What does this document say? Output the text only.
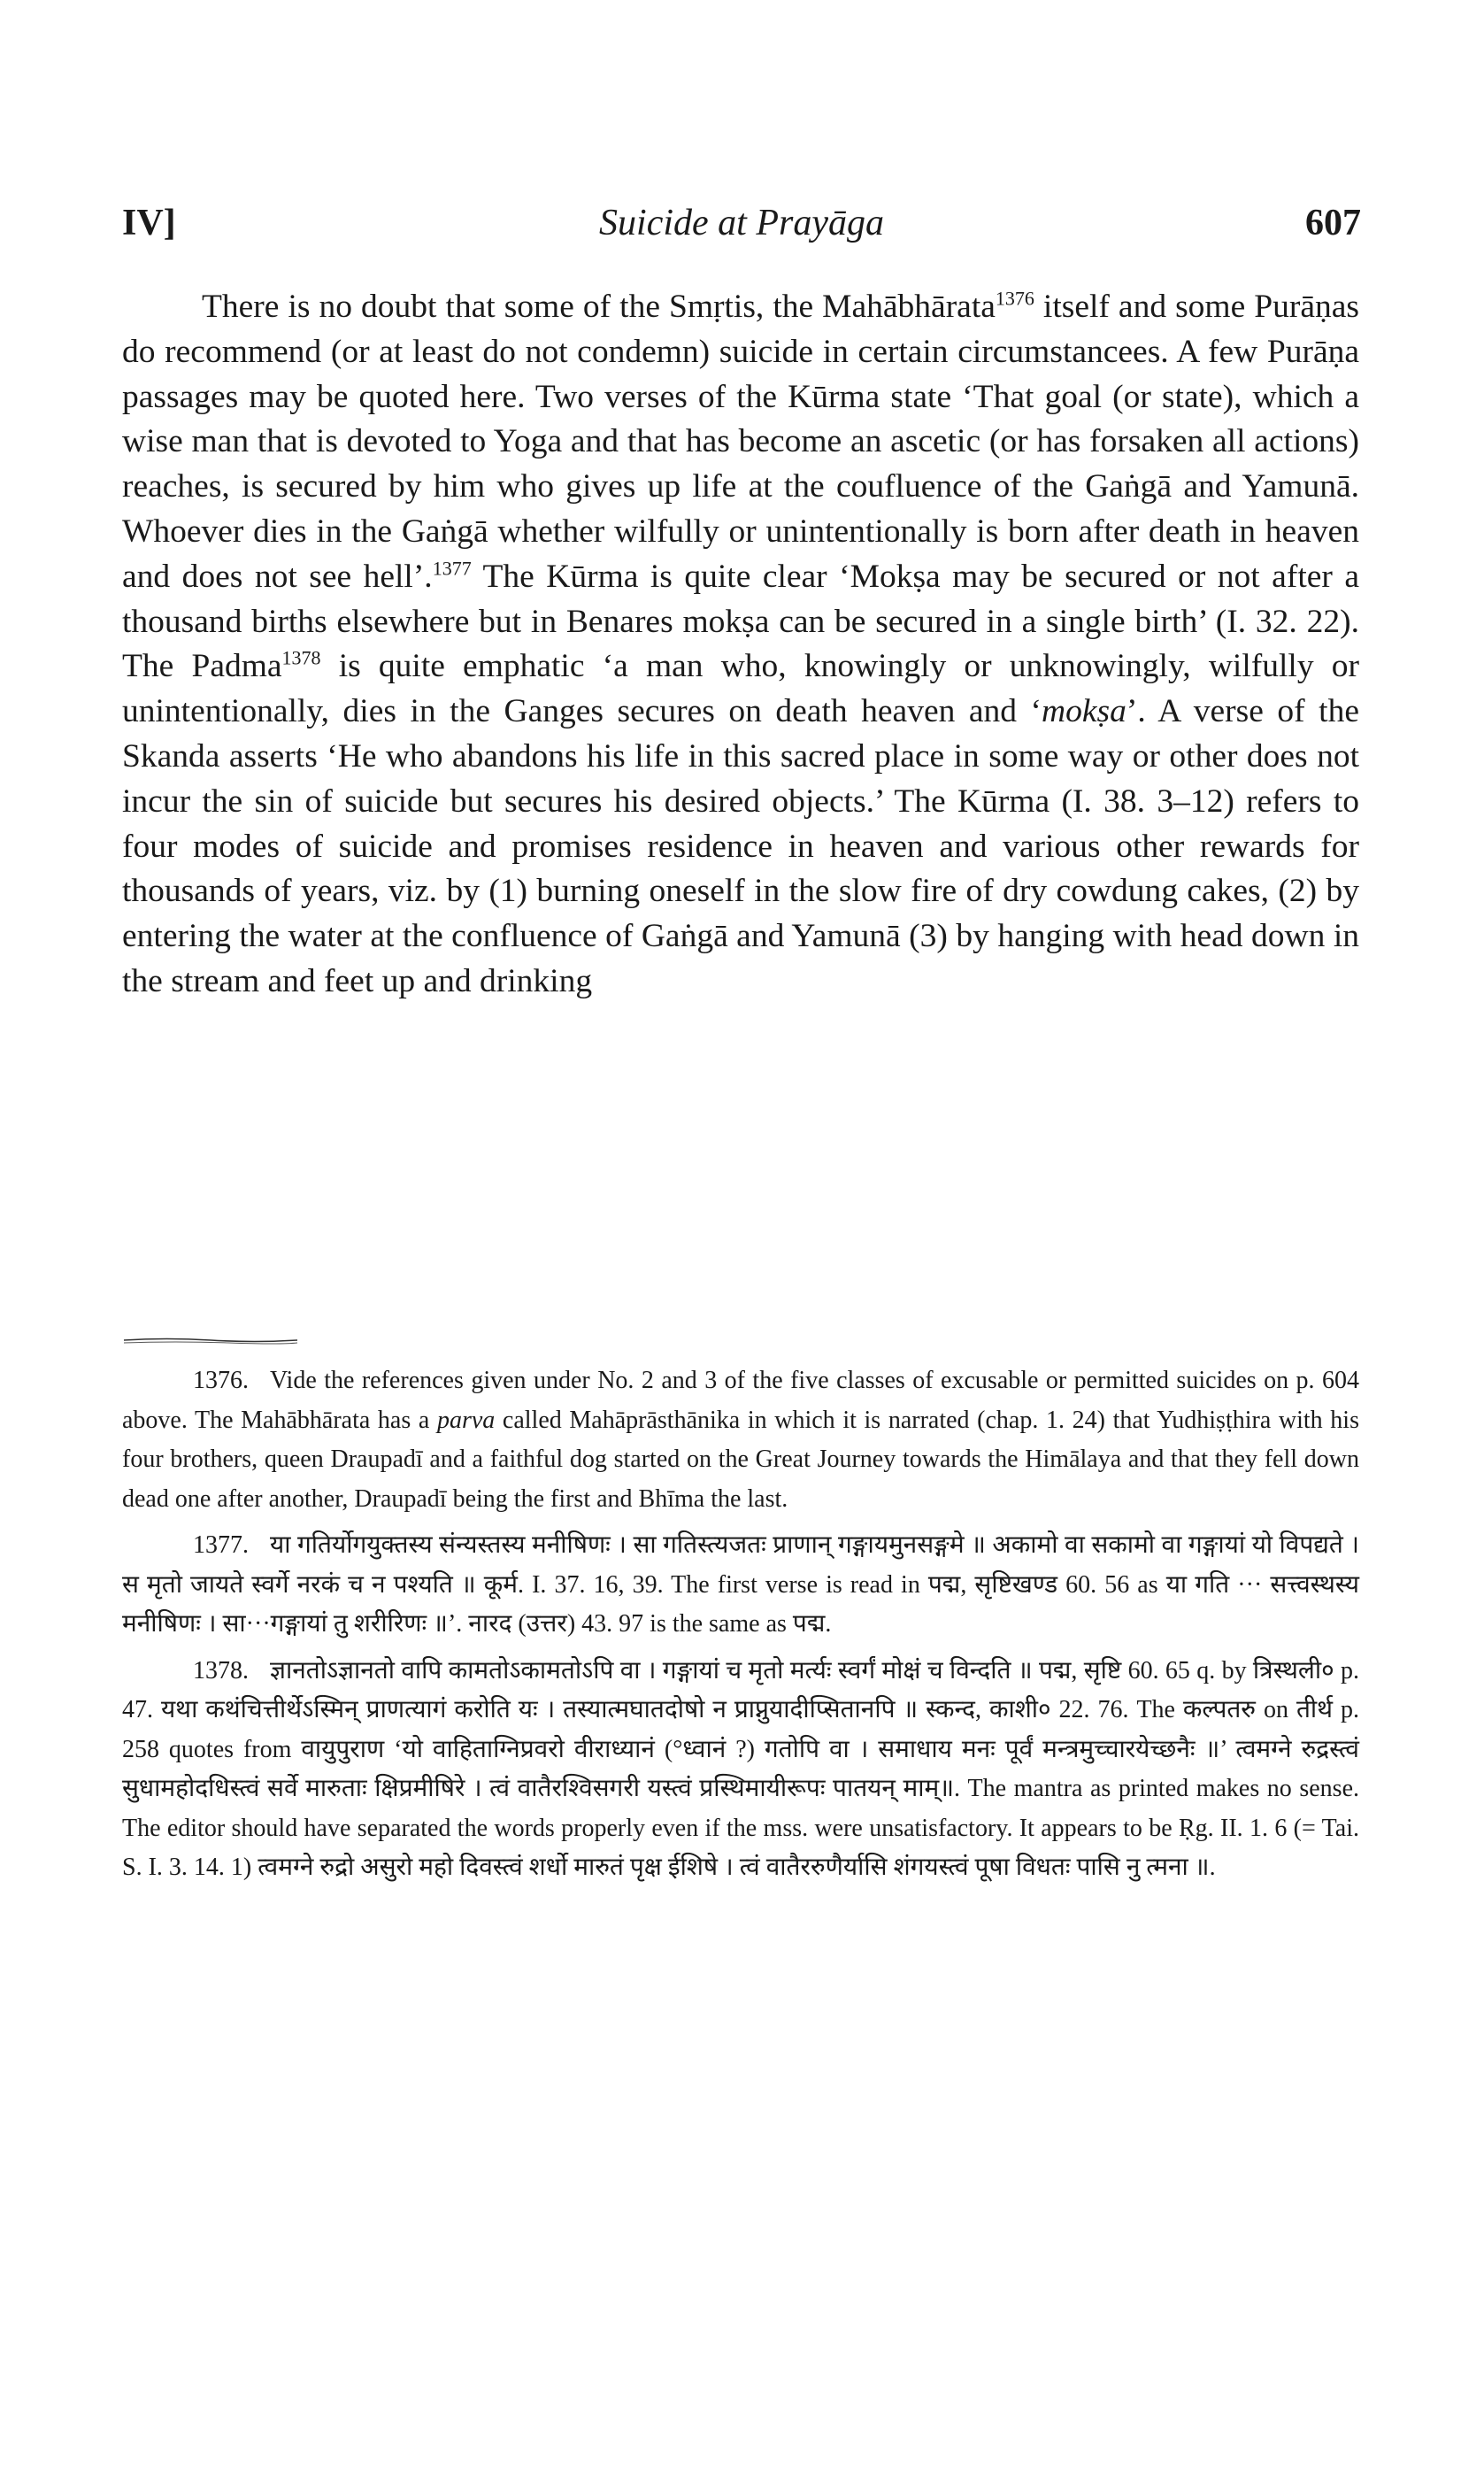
IV]	Suicide at Prayāga	607

There is no doubt that some of the Smṛtis, the Mahābhārata$^{1376}$ itself and some Purāṇas do recommend (or at least do not condemn) suicide in certain circumstancees. A few Purāṇa passages may be quoted here. Two verses of the Kūrma state ‘That goal (or state), which a wise man that is devoted to Yoga and that has become an ascetic (or has forsaken all actions) reaches, is secured by him who gives up life at the coufluence of the Gaṅgā and Yamunā. Whoever dies in the Gaṅgā whether wilfully or unintentionally is born after death in heaven and does not see hell’.$^{1377}$ The Kūrma is quite clear ‘Mokṣa may be secured or not after a thousand births elsewhere but in Benares mokṣa can be secured in a single birth’ (I. 32. 22). The Padma$^{1378}$ is quite emphatic ‘a man who, knowingly or unknowingly, wilfully or unintentionally, dies in the Ganges secures on death heaven and ‘mokṣa’. A verse of the Skanda asserts ‘He who abandons his life in this sacred place in some way or other does not incur the sin of suicide but secures his desired objects.’ The Kūrma (I. 38. 3–12) refers to four modes of suicide and promises residence in heaven and various other rewards for thousands of years, viz. by (1) burning oneself in the slow fire of dry cowdung cakes, (2) by entering the water at the confluence of Gaṅgā and Yamunā (3) by hanging with head down in the stream and feet up and drinking

1376. Vide the references given under No. 2 and 3 of the five classes of excusable or permitted suicides on p. 604 above. The Mahābhārata has a parva called Mahāprāsthānika in which it is narrated (chap. 1. 24) that Yudhiṣṭhira with his four brothers, queen Draupadī and a faithful dog started on the Great Journey towards the Himālaya and that they fell down dead one after another, Draupadī being the first and Bhīma the last.

1377. या गतिर्योगयुक्तस्य संन्यस्तस्य मनीषिणः । सा गतिस्त्यजतः प्राणान् गङ्गायमुनसङ्गमे ॥ अकामो वा सकामो वा गङ्गायां यो विपद्यते । स मृतो जायते स्वर्गे नरकं च न पश्यति ॥ कूर्म. I. 37. 16, 39. The first verse is read in पद्म, सृष्टिखण्ड 60. 56 as या गति ··· सत्त्वस्थस्य मनीषिणः । सा···गङ्गायां तु शरीरिणः ॥’. नारद (उत्तर) 43. 97 is the same as पद्म.

1378. ज्ञानतोऽज्ञानतो वापि कामतोऽकामतोऽपि वा । गङ्गायां च मृतो मर्त्यः स्वर्गं मोक्षं च विन्दति ॥ पद्म, सृष्टि 60. 65 q. by त्रिस्थली० p. 47. यथा कथंचित्तीर्थेऽस्मिन् प्राणत्यागं करोति यः । तस्यात्मघातदोषो न प्राप्नुयादीप्सितानपि ॥ स्कन्द, काशी० 22. 76. The कल्पतरु on तीर्थ p. 258 quotes from वायुपुराण ‘यो वाहिताग्निप्रवरो वीराध्यानं (°ध्वानं ?) गतोपि वा । समाधाय मनः पूर्वं मन्त्रमुच्चारयेच्छनैः ॥’ त्वमग्ने रुद्रस्त्वं सुधामहोदधिस्त्वं सर्वे मारुताः क्षिप्रमीषिरे । त्वं वातैरश्विसगरी यस्त्वं प्रस्थिमायीरूपः पातयन् माम्॥. The mantra as printed makes no sense. The editor should have separated the words properly even if the mss. were unsatisfactory. It appears to be Ṛg. II. 1. 6 (= Tai. S. I. 3. 14. 1) त्वमग्ने रुद्रो असुरो महो दिवस्त्वं शर्धो मारुतं पृक्ष ईशिषे । त्वं वातैररुणैर्यासि शंगयस्त्वं पूषा विधतः पासि नु त्मना ॥.
